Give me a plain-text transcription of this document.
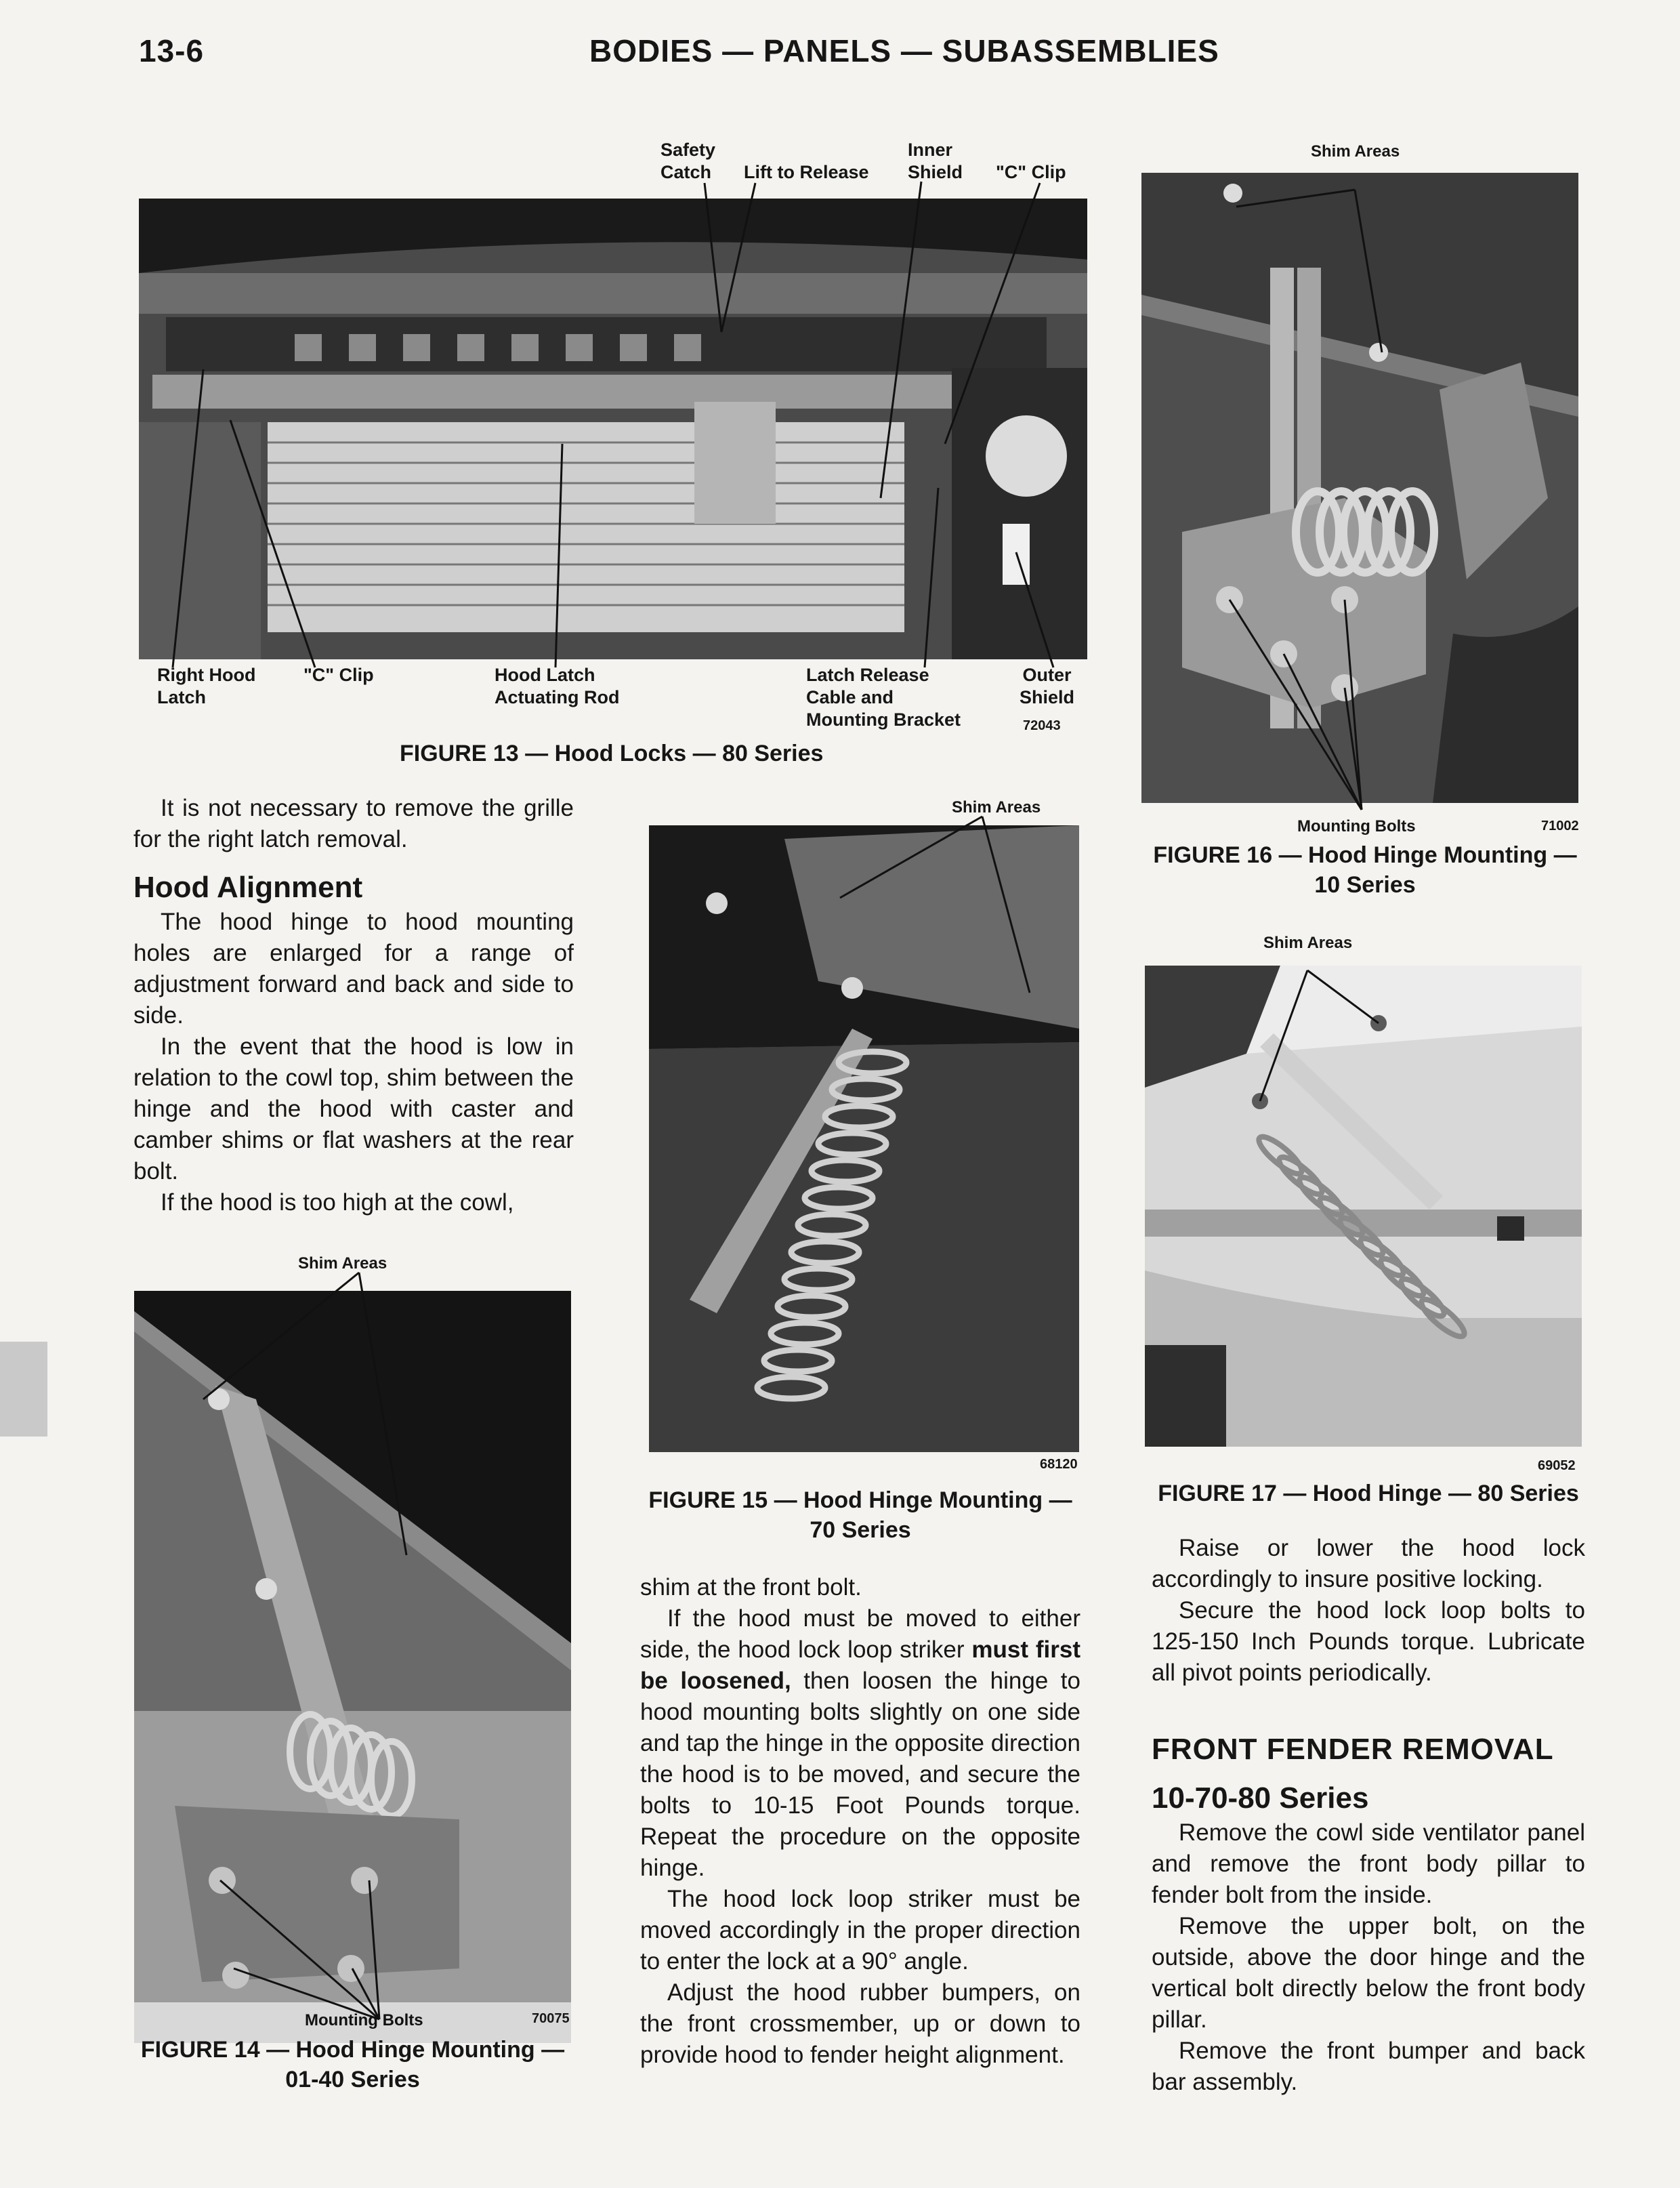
13-6	BODIES — PANELS — SUBASSEMBLIES
Safety
Catch Lift to Release
Inner
Shield "C" Clip
Right Hood
Latch
"C" Clip	Hood Latch
Actuating Rod
Latch Release
Cable and
Mounting Bracket
Outer
Shield
72043
FIGURE 13 — Hood Locks — 80 Series

It is not necessary to remove the grille for the right latch removal.

Hood Alignment

The hood hinge to hood mounting holes are enlarged for a range of adjustment forward and back and side to side.

In the event that the hood is low in relation to the cowl top, shim between the hinge and the hood with caster and camber shims or flat washers at the rear bolt.

If the hood is too high at the cowl,

Shim Areas
Mounting Bolts	70075
FIGURE 14 — Hood Hinge Mounting —
01-40 Series
Shim Areas
68120
FIGURE 15 — Hood Hinge Mounting —
70 Series

shim at the front bolt.

If the hood must be moved to either side, the hood lock loop striker must first be loosened, then loosen the hinge to hood mounting bolts slightly on one side and tap the hinge in the opposite direction the hood is to be moved, and secure the bolts to 10-15 Foot Pounds torque. Repeat the procedure on the opposite hinge.

The hood lock loop striker must be moved accordingly in the proper direction to enter the lock at a 90° angle.

Adjust the hood rubber bumpers, on the front crossmember, up or down to provide hood to fender height alignment.

Shim Areas
Mounting Bolts	71002
FIGURE 16 — Hood Hinge Mounting —
10 Series
Shim Areas
69052
FIGURE 17 — Hood Hinge — 80 Series

Raise or lower the hood lock accordingly to insure positive locking.

Secure the hood lock loop bolts to 125-150 Inch Pounds torque. Lubricate all pivot points periodically.

FRONT FENDER REMOVAL
10-70-80 Series

Remove the cowl side ventilator panel and remove the front body pillar to fender bolt from the inside.

Remove the upper bolt, on the outside, above the door hinge and the vertical bolt directly below the front body pillar.

Remove the front bumper and back bar assembly.
